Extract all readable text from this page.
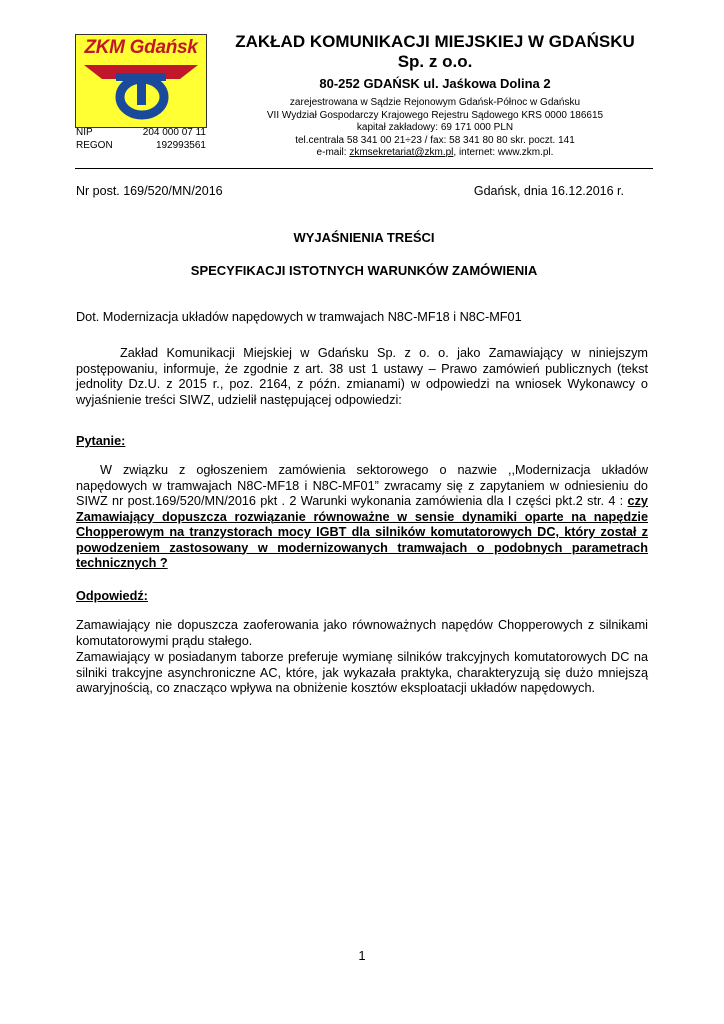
ZKM Gdańsk
NIP	204 000 07 11
REGON	192993561
ZAKŁAD KOMUNIKACJI MIEJSKIEJ W GDAŃSKU
Sp. z o.o.
80-252 GDAŃSK ul. Jaśkowa Dolina 2
zarejestrowana w Sądzie Rejonowym Gdańsk-Północ w Gdańsku
VII Wydział Gospodarczy Krajowego Rejestru Sądowego KRS 0000 186615
kapitał zakładowy: 69 171 000 PLN
tel.centrala 58 341 00 21÷23 / fax: 58 341 80 80 skr. poczt. 141
e-mail: zkmsekretariat@zkm.pl, internet: www.zkm.pl.
Nr post. 169/520/MN/2016	Gdańsk, dnia 16.12.2016 r.
WYJAŚNIENIA TREŚCI
SPECYFIKACJI ISTOTNYCH WARUNKÓW ZAMÓWIENIA
Dot. Modernizacja układów napędowych w tramwajach N8C-MF18 i N8C-MF01
Zakład Komunikacji Miejskiej w Gdańsku Sp. z o. o. jako Zamawiający w niniejszym postępowaniu, informuje, że zgodnie z art. 38 ust 1 ustawy – Prawo zamówień publicznych (tekst jednolity Dz.U. z 2015 r., poz. 2164, z późn. zmianami) w odpowiedzi na wniosek Wykonawcy o wyjaśnienie treści SIWZ, udzielił następującej odpowiedzi:
Pytanie:
W związku z ogłoszeniem zamówienia sektorowego o nazwie ,,Modernizacja układów napędowych w tramwajach N8C-MF18 i N8C-MF01” zwracamy się z zapytaniem w odniesieniu do SIWZ nr post.169/520/MN/2016 pkt . 2 Warunki wykonania zamówienia dla I części pkt.2 str. 4 : czy Zamawiający dopuszcza rozwiązanie równoważne w sensie dynamiki oparte na napędzie Chopperowym na tranzystorach mocy IGBT dla silników komutatorowych DC, który został z powodzeniem zastosowany w modernizowanych tramwajach o podobnych parametrach technicznych ?
Odpowiedź:
Zamawiający nie dopuszcza zaoferowania jako równoważnych napędów Chopperowych z silnikami komutatorowymi prądu stałego.
Zamawiający w posiadanym taborze preferuje wymianę silników trakcyjnych komutatorowych DC na silniki trakcyjne asynchroniczne AC, które, jak wykazała praktyka, charakteryzują się dużo mniejszą awaryjnością, co znacząco wpływa na obniżenie kosztów eksploatacji układów napędowych.
1
